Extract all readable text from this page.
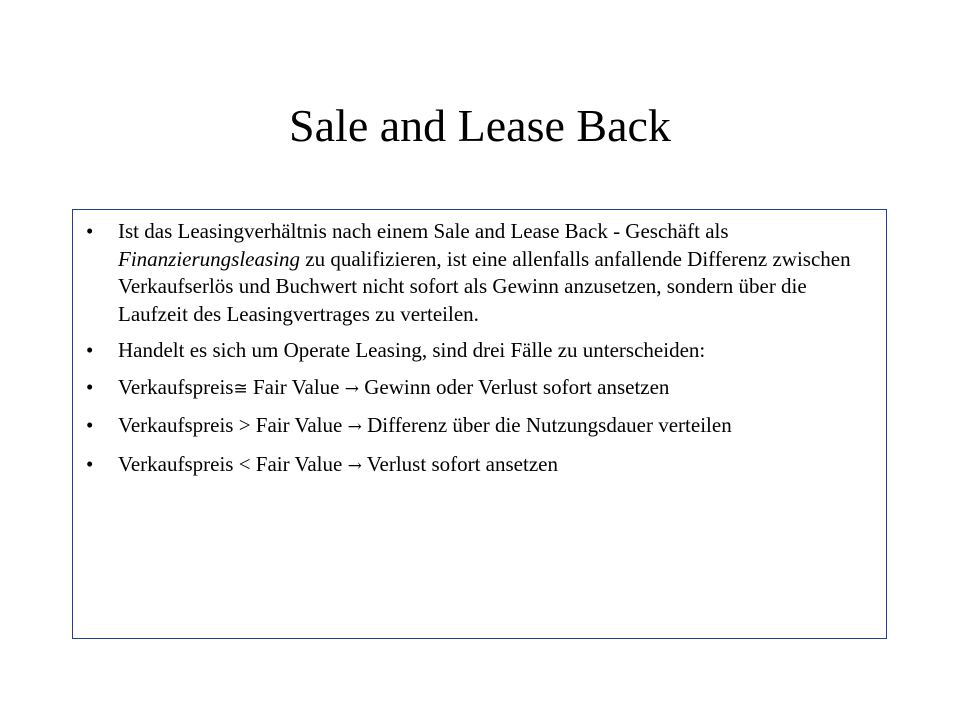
Sale and Lease Back
•	Ist das Leasingverhältnis nach einem Sale and Lease Back - Geschäft als Finanzierungsleasing zu qualifizieren, ist eine allenfalls anfallende Differenz zwischen Verkaufserlös und Buchwert nicht sofort als Gewinn anzusetzen, sondern über die Laufzeit des Leasingvertrages zu verteilen.
•	Handelt es sich um Operate Leasing, sind drei Fälle zu unterscheiden:
•	Verkaufspreis≅ Fair Value → Gewinn oder Verlust sofort ansetzen
•	Verkaufspreis > Fair Value → Differenz über die Nutzungsdauer verteilen
•	Verkaufspreis < Fair Value → Verlust sofort ansetzen
